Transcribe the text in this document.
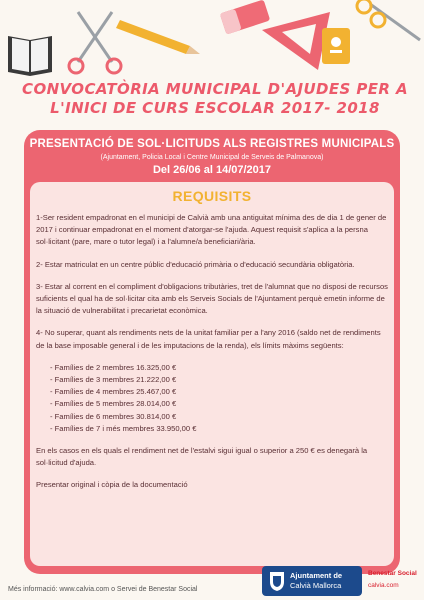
CONVOCATÒRIA MUNICIPAL D'AJUDES PER A
L'INICI DE CURS ESCOLAR 2017- 2018
PRESENTACIÓ DE SOL·LICITUDS ALS REGISTRES MUNICIPALS
(Ajuntament, Policia Local i Centre Municipal de Serveis de Palmanova)
Del 26/06 al 14/07/2017
REQUISITS

1-Ser resident empadronat en el municipi de Calvià amb una antiguitat mínima des de dia 1 de gener de 2017 i continuar empadronat en el moment d'atorgar-se l'ajuda. Aquest requisit s'aplica a la persna sol·licitant (pare, mare o tutor legal) i a l'alumne/a beneficiari/ària.

2- Estar matriculat en un centre públic d'educació primària o d'educació secundària obligatòria.

3- Estar al corrent en el compliment d'obligacions tributàries, tret de l'alumnat que no disposi de recursos suficients el qual ha de sol·licitar cita amb els Serveis Socials de l'Ajuntament perquè emetin informe de la situació de vulnerabilitat i precarietat econòmica.

4- No superar, quant als rendiments nets de la unitat familiar per a l'any 2016 (saldo net de rendiments de la base imposable general i de les imputacions de la renda), els límits màxims següents:

- Famílies de 2 membres 16.325,00 €
- Famílies de 3 membres 21.222,00 €
- Famílies de 4 membres 25.467,00 €
- Famílies de 5 membres 28.014,00 €
- Famílies de 6 membres 30.814,00 €
- Famílies de 7 i més membres 33.950,00 €

En els casos en els quals el rendiment net de l'estalvi sigui igual o superior a 250 € es denegarà la sol·licitud d'ajuda.

Presentar original i còpia de la documentació

Més informació: www.calvia.com o Servei de Benestar Social
Ajuntament de
Calvià Mallorca
Benestar Social
calvia.com
